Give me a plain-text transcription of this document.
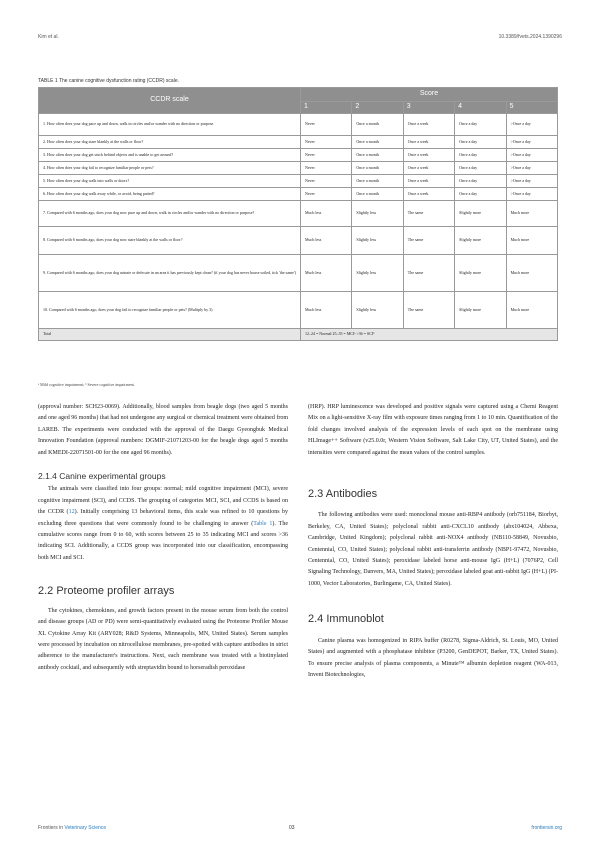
Kim et al.	10.3389/fvets.2024.1390296
TABLE 1 The canine cognitive dysfunction rating (CCDR) scale.
CCDR scale	Score				
	1	2	3	4	5
1. How often does your dog pace up and down, walk in circles and/or wander with no direction or purpose	Never	Once a month	Once a week	Once a day	>Once a day
2. How often does your dog stare blankly at the walls or floor?	Never	Once a month	Once a week	Once a day	>Once a day
3. How often does your dog get stuck behind objects and is unable to get around?	Never	Once a month	Once a week	Once a day	>Once a day
4. How often does your dog fail to recognize familiar people or pets?	Never	Once a month	Once a week	Once a day	>Once a day
5. How often does your dog walk into walls or doors?	Never	Once a month	Once a week	Once a day	>Once a day
6. How often does your dog walk away while, or avoid, being patted?	Never	Once a month	Once a week	Once a day	>Once a day
7. Compared with 6 months ago, does your dog now pace up and down, walk in circles and/or wander with no direction or purpose?	Much less	Slightly less	The same	Slightly more	Much more
8. Compared with 6 months ago, does your dog now stare blankly at the walls or floor?	Much less	Slightly less	The same	Slightly more	Much more
9. Compared with 6 months ago, does your dog urinate or defecate in an area it has previously kept clean? (if your dog has never house soiled, tick 'the same')	Much less	Slightly less	The same	Slightly more	Much more
10. Compared with 6 months ago, does your dog fail to recognize familiar people or pets? (Multiply by 3)	Much less	Slightly less	The same	Slightly more	Much more
Total	12–24 = Normal 25–35 = MCIᵃ >36 = SCIᵇ				
ᵃ Mild cognitive impairment; ᵇ Severe cognitive impairment.

(approval number: SCH23-0069). Additionally, blood samples from beagle dogs (two aged 5 months and one aged 96 months) that had not undergone any surgical or chemical treatment were obtained from LAREB. The experiments were conducted with the approval of the Daegu Gyeongbuk Medical Innovation Foundation (approval numbers: DGMIF-21071203-00 for the beagle dogs aged 5 months and KMEDI-22071501-00 for the one aged 96 months).

2.1.4 Canine experimental groups

The animals were classified into four groups: normal; mild cognitive impairment (MCI), severe cognitive impairment (SCI), and CCDS. The grouping of categories MCI, SCI, and CCDS is based on the CCDR (12). Initially comprising 13 behavioral items, this scale was refined to 10 questions by excluding three questions that were commonly found to be challenging to answer (Table 1). The cumulative scores range from 0 to 60, with scores between 25 to 35 indicating MCI and scores >36 indicating SCI. Additionally, a CCDS group was incorporated into our classification, encompassing both MCI and SCI.

2.2 Proteome profiler arrays

The cytokines, chemokines, and growth factors present in the mouse serum from both the control and disease groups (AD or PD) were semi-quantitatively evaluated using the Proteome Profiler Mouse XL Cytokine Array Kit (ARY028; R&D Systems, Minneapolis, MN, United States). Serum samples were processed by incubation on nitrocellulose membranes, pre-spotted with capture antibodies in strict adherence to the manufacturer's instructions. Next, each membrane was treated with a biotinylated antibody cocktail, and subsequently with streptavidin bound to horseradish peroxidase

(HRP). HRP luminescence was developed and positive signals were captured using a Chemi Reagent Mix on a light-sensitive X-ray film with exposure times ranging from 1 to 10 min. Quantification of the fold changes involved analysis of the expression levels of each spot on the membrane using HLImage++ Software (v25.0.0r, Western Vision Software, Salt Lake City, UT, United States), and the intensities were compared against the mean values of the control samples.

2.3 Antibodies

The following antibodies were used: monoclonal mouse anti-RBP4 antibody (orb751184, Biorbyt, Berkeley, CA, United States); polyclonal rabbit anti-CXCL10 antibody (abx104024, Abbexa, Cambridge, United Kingdom); polyclonal rabbit anti-NOX4 antibody (NB110-58849, Novusbio, Centennial, CO, United States); polyclonal rabbit anti-transferrin antibody (NBP1-97472, Novusbio, Centennial, CO, United States); peroxidase labeled horse anti-mouse IgG (H+L) (7076P2, Cell Signaling Technology, Danvers, MA, United States); peroxidase labeled goat anti-rabbit IgG (H+L) (PI-1000, Vector Laboratories, Burlingame, CA, United States).

2.4 Immunoblot

Canine plasma was homogenized in RIPA buffer (R0278, Sigma-Aldrich, St. Louis, MO, United States) and augmented with a phosphatase inhibitor (P3200, GenDEPOT, Barker, TX, United States). To ensure precise analysis of plasma components, a Minute™ albumin depletion reagent (WA-013, Invent Biotechnologies,

Frontiers in Veterinary Science	03	frontiersin.org
